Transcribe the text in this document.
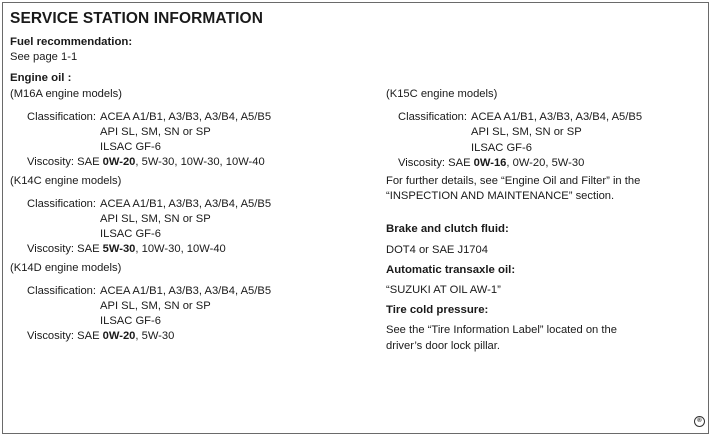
SERVICE STATION INFORMATION
Fuel recommendation:
See page 1-1
Engine oil :
(M16A engine models)
Classification: ACEA A1/B1, A3/B3, A3/B4, A5/B5
API SL, SM, SN or SP
ILSAC GF-6
Viscosity: SAE 0W-20, 5W-30, 10W-30, 10W-40
(K14C engine models)
Classification: ACEA A1/B1, A3/B3, A3/B4, A5/B5
API SL, SM, SN or SP
ILSAC GF-6
Viscosity: SAE 5W-30, 10W-30, 10W-40
(K14D engine models)
Classification: ACEA A1/B1, A3/B3, A3/B4, A5/B5
API SL, SM, SN or SP
ILSAC GF-6
Viscosity: SAE 0W-20, 5W-30
(K15C engine models)
Classification: ACEA A1/B1, A3/B3, A3/B4, A5/B5
API SL, SM, SN or SP
ILSAC GF-6
Viscosity: SAE 0W-16, 0W-20, 5W-30
For further details, see “Engine Oil and Filter” in the
“INSPECTION AND MAINTENANCE” section.
Brake and clutch fluid:
DOT4 or SAE J1704
Automatic transaxle oil:
“SUZUKI AT OIL AW-1”
Tire cold pressure:
See the “Tire Information Label” located on the
driver’s door lock pillar.
®
